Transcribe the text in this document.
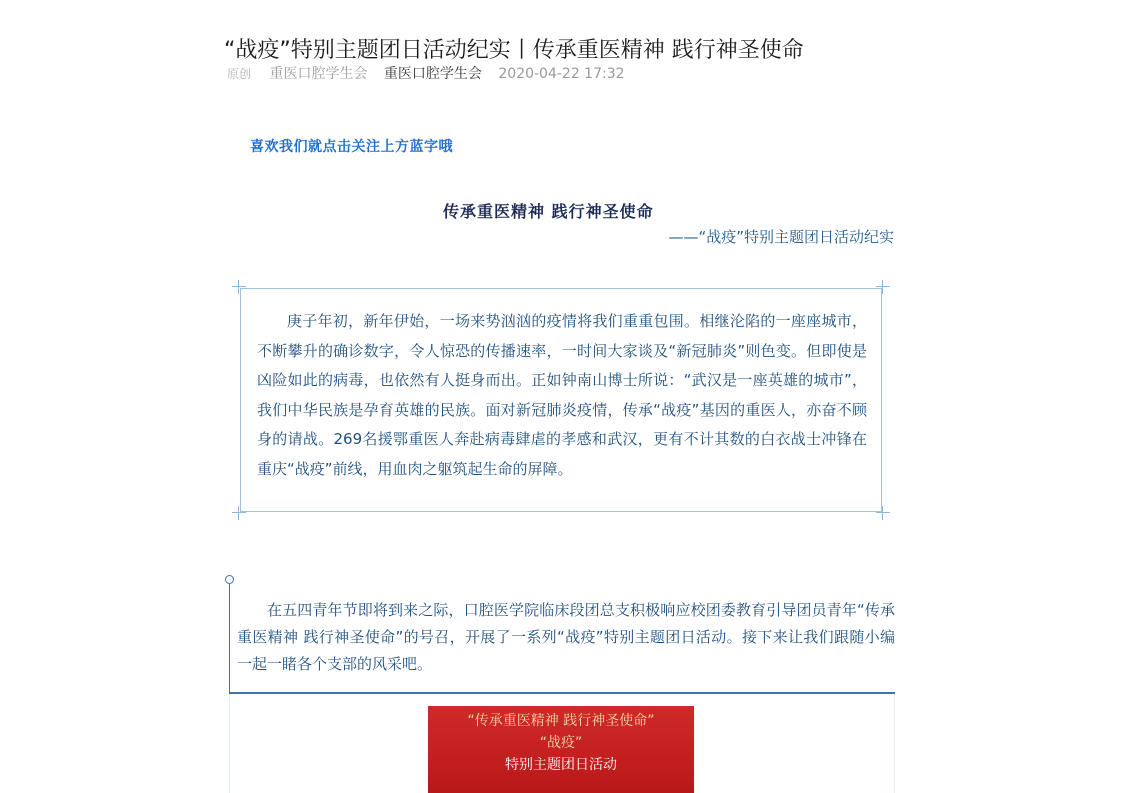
“战疫”特别主题团日活动纪实丨传承重医精神 践行神圣使命
原创 重医口腔学生会 重医口腔学生会 2020-04-22 17:32
喜欢我们就点击关注上方蓝字哦
传承重医精神 践行神圣使命
——“战疫”特别主题团日活动纪实

庚子年初，新年伊始，一场来势汹汹的疫情将我们重重包围。相继沦陷的一座座城市，不断攀升的确诊数字，令人惊恐的传播速率，一时间大家谈及“新冠肺炎”则色变。但即使是凶险如此的病毒，也依然有人挺身而出。正如钟南山博士所说：“武汉是一座英雄的城市”，我们中华民族是孕育英雄的民族。面对新冠肺炎疫情，传承“战疫”基因的重医人，亦奋不顾身的请战。269名援鄂重医人奔赴病毒肆虐的孝感和武汉，更有不计其数的白衣战士冲锋在重庆“战疫”前线，用血肉之躯筑起生命的屏障。

在五四青年节即将到来之际，口腔医学院临床段团总支积极响应校团委教育引导团员青年“传承重医精神 践行神圣使命”的号召，开展了一系列“战疫”特别主题团日活动。接下来让我们跟随小编一起一睹各个支部的风采吧。

“传承重医精神 践行神圣使命”
“战疫”
特别主题团日活动
